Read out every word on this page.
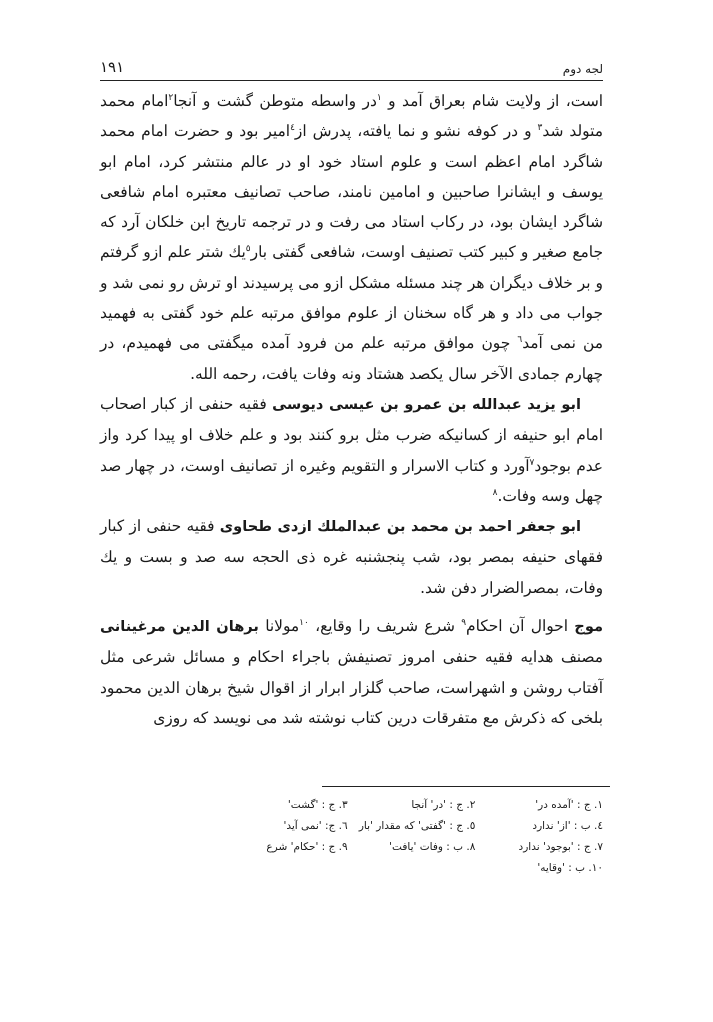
۱۹۱	لجه دوم

است، از ولایت شام بعراق آمد و $^۱$در واسطه متوطن گشت و آنجا$^۲$امام محمد متولد شد$^۳$ و در کوفه نشو و نما یافته، پدرش از$^٤$امیر بود و حضرت امام محمد شاگرد امام اعظم است و علوم استاد خود او در عالم منتشر کرد، امام ابو یوسف و ایشانرا صاحبین و امامین نامند، صاحب تصانیف معتبره امام شافعی شاگرد ایشان بود، در رکاب استاد می رفت و در ترجمه تاریخ ابن خلکان آرد که جامع صغیر و کبیر کتب تصنیف اوست، شافعی گفتی بار$^٥$یك شتر علم ازو گرفتم و بر خلاف دیگران هر چند مسئله مشکل ازو می پرسیدند او ترش رو نمی شد و جواب می داد و هر گاه سخنان از علوم موافق مرتبه علم خود گفتی به فهمید من نمی آمد$^٦$ چون موافق مرتبه علم من فرود آمده میگفتی می فهمیدم، در چهارم جمادی الآخر سال یکصد هشتاد ونه وفات یافت، رحمه الله.

ابو یزید عبدالله بن عمرو بن عیسی دیوسی فقیه حنفی از کبار اصحاب امام ابو حنیفه از کسانیکه ضرب مثل برو کنند بود و علم خلاف او پیدا کرد واز عدم بوجود$^۷$آورد و کتاب الاسرار و التقویم وغیره از تصانیف اوست، در چهار صد چهل وسه وفات.$^۸$

ابو جعفر احمد بن محمد بن عبدالملك ازدی طحاوی فقیه حنفی از کبار فقهای حنیفه بمصر بود، شب پنجشنبه غره ذی الحجه سه صد و بست و یك وفات، بمصرالضرار دفن شد.

موج احوال آن احکام$^۹$ شرع شریف را وقایع، $^{۱۰}$مولانا برهان الدین مرغینانی مصنف هدایه فقیه حنفی امروز تصنیفش باجراء احکام و مسائل شرعی مثل آفتاب روشن و اشهراست، صاحب گلزار ابرار از اقوال شیخ برهان الدین محمود بلخی که ذکرش مع متفرقات درین کتاب نوشته شد می نویسد که روزی

۱. ج : 'آمده در'
۲. ج : 'در' آنجا
۳. ج : 'گشت'
٤. ب : 'از' ندارد
٥. ج : 'گفتی' که مقدار 'بار
٦. ج: 'نمی آید'
۷. ج : 'بوجود' ندارد
۸. ب : وفات 'یافت'
۹. ج : 'حکام' شرع
۱۰. ب : 'وقایه'
